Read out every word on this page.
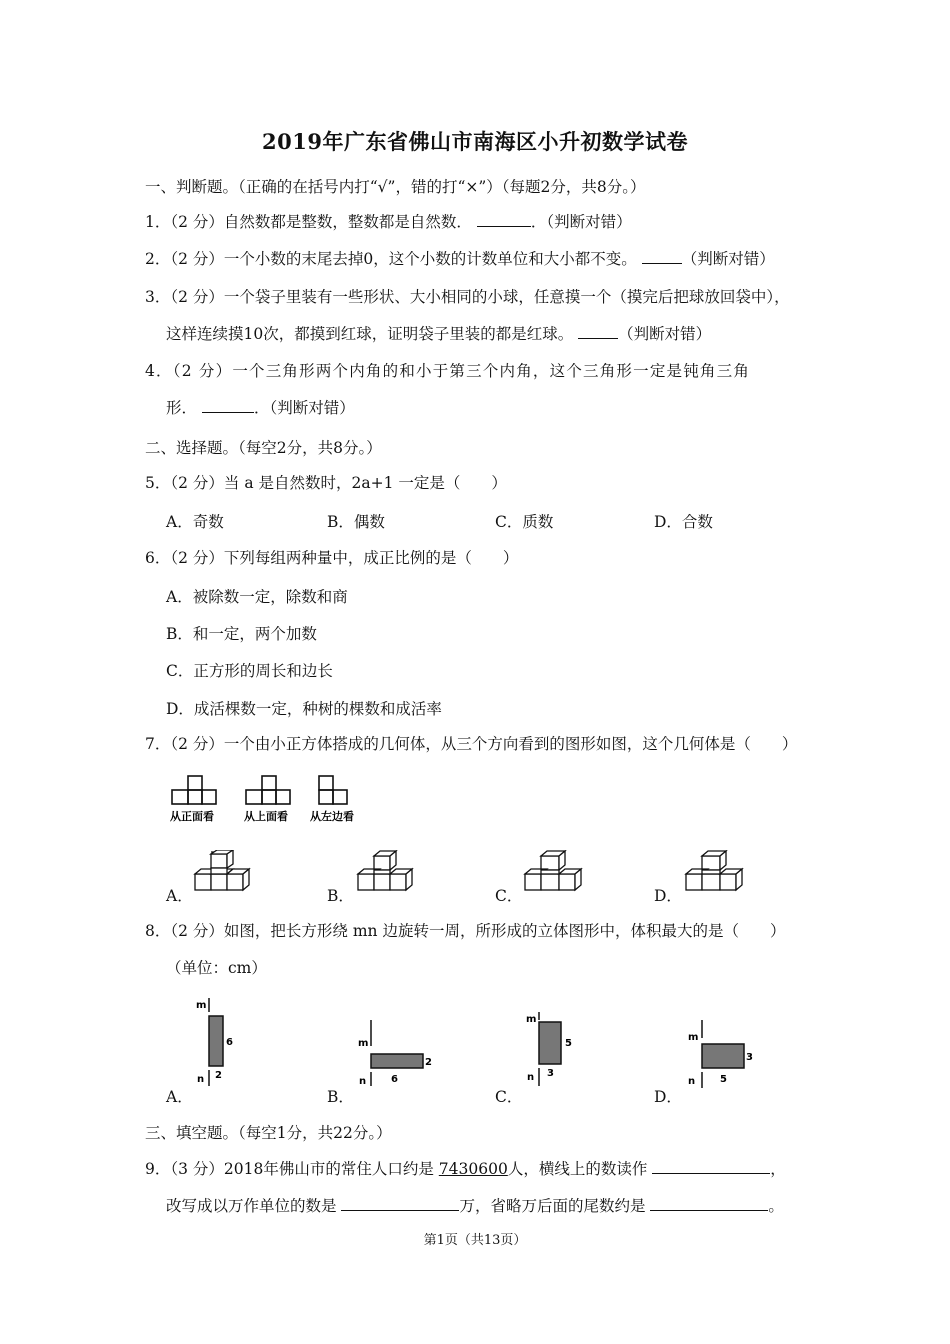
2019年广东省佛山市南海区小升初数学试卷
一、判断题。（正确的在括号内打“√”，错的打“×”）（每题2分，共8分。）
1．（2 分）自然数都是整数，整数都是自然数．	．（判断对错）
2．（2 分）一个小数的末尾去掉0，这个小数的计数单位和大小都不变。	（判断对错）
3．（2 分）一个袋子里装有一些形状、大小相同的小球，任意摸一个（摸完后把球放回袋中），
这样连续摸10次，都摸到红球，证明袋子里装的都是红球。	（判断对错）
4．（2 分）一个三角形两个内角的和小于第三个内角，这个三角形一定是钝角三角
形．	．（判断对错）
二、选择题。（每空2分，共8分。）
5．（2 分）当 a 是自然数时，2a+1 一定是（　　）
A．奇数	B．偶数	C．质数	D．合数
6．（2 分）下列每组两种量中，成正比例的是（　　）
A．被除数一定，除数和商
B．和一定，两个加数
C．正方形的周长和边长
D．成活棵数一定，种树的棵数和成活率
7．（2 分）一个由小正方体搭成的几何体，从三个方向看到的图形如图，这个几何体是（　　）
从正面看	从上面看 从左边看
A．	B．	C．	D．
8．（2 分）如图，把长方形绕 mn 边旋转一周，所形成的立体图形中，体积最大的是（　　）
（单位：cm）
A．	B．	C．	D．
m
n
6
2
m
n
2
6
m
n
5
3
m
n
3
5
三、填空题。（每空1分，共22分。）
9．（3 分）2018年佛山市的常住人口约是 7430600人，横线上的数读作	，
改写成以万作单位的数是	万，省略万后面的尾数约是	。
第1页（共13页）
